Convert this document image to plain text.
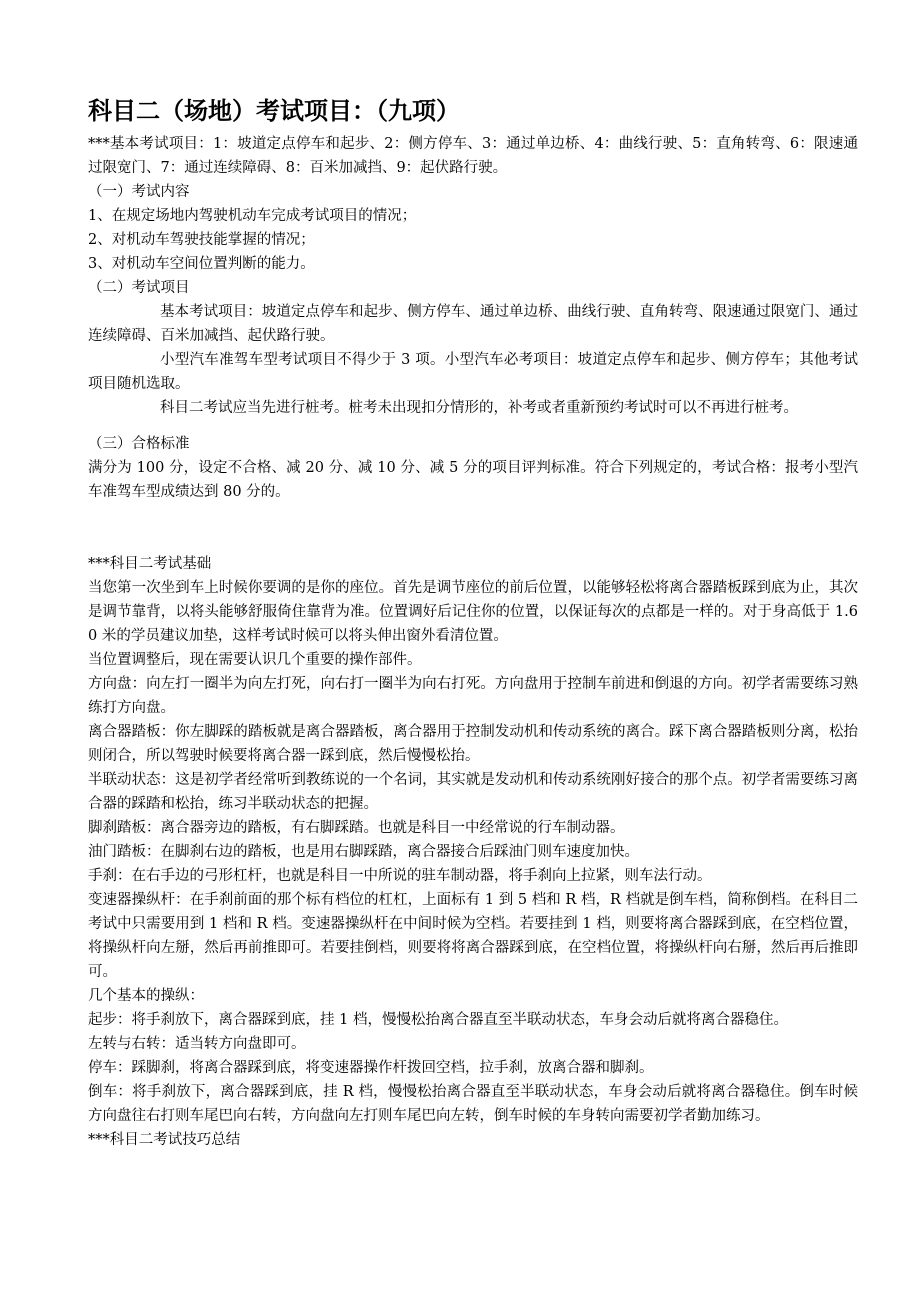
科目二（场地）考试项目：（九项）

***基本考试项目：1：坡道定点停车和起步、2：侧方停车、3：通过单边桥、4：曲线行驶、5：直角转弯、6：限速通过限宽门、7：通过连续障碍、8：百米加减挡、9：起伏路行驶。

（一）考试内容

1、在规定场地内驾驶机动车完成考试项目的情况；

2、对机动车驾驶技能掌握的情况；

3、对机动车空间位置判断的能力。

（二）考试项目

基本考试项目：坡道定点停车和起步、侧方停车、通过单边桥、曲线行驶、直角转弯、限速通过限宽门、通过连续障碍、百米加减挡、起伏路行驶。

小型汽车准驾车型考试项目不得少于 3 项。小型汽车必考项目：坡道定点停车和起步、侧方停车；其他考试项目随机选取。

科目二考试应当先进行桩考。桩考未出现扣分情形的，补考或者重新预约考试时可以不再进行桩考。

（三）合格标准

满分为 100 分，设定不合格、减 20 分、减 10 分、减 5 分的项目评判标准。符合下列规定的，考试合格：报考小型汽车准驾车型成绩达到 80 分的。

***科目二考试基础

当您第一次坐到车上时候你要调的是你的座位。首先是调节座位的前后位置，以能够轻松将离合器踏板踩到底为止，其次是调节靠背，以将头能够舒服倚住靠背为准。位置调好后记住你的位置，以保证每次的点都是一样的。对于身高低于 1.60 米的学员建议加垫，这样考试时候可以将头伸出窗外看清位置。

当位置调整后，现在需要认识几个重要的操作部件。

方向盘：向左打一圈半为向左打死，向右打一圈半为向右打死。方向盘用于控制车前进和倒退的方向。初学者需要练习熟练打方向盘。

离合器踏板：你左脚踩的踏板就是离合器踏板，离合器用于控制发动机和传动系统的离合。踩下离合器踏板则分离，松抬则闭合，所以驾驶时候要将离合器一踩到底，然后慢慢松抬。

半联动状态：这是初学者经常听到教练说的一个名词，其实就是发动机和传动系统刚好接合的那个点。初学者需要练习离合器的踩踏和松抬，练习半联动状态的把握。

脚刹踏板：离合器旁边的踏板，有右脚踩踏。也就是科目一中经常说的行车制动器。

油门踏板：在脚刹右边的踏板，也是用右脚踩踏，离合器接合后踩油门则车速度加快。

手刹：在右手边的弓形杠杆，也就是科目一中所说的驻车制动器，将手刹向上拉紧，则车法行动。

变速器操纵杆：在手刹前面的那个标有档位的杠杠，上面标有 1 到 5 档和 R 档，R 档就是倒车档，简称倒档。在科目二考试中只需要用到 1 档和 R 档。变速器操纵杆在中间时候为空档。若要挂到 1 档，则要将离合器踩到底，在空档位置，将操纵杆向左掰，然后再前推即可。若要挂倒档，则要将将离合器踩到底，在空档位置，将操纵杆向右掰，然后再后推即可。

几个基本的操纵：

起步：将手刹放下，离合器踩到底，挂 1 档，慢慢松抬离合器直至半联动状态，车身会动后就将离合器稳住。

左转与右转：适当转方向盘即可。

停车：踩脚刹，将离合器踩到底，将变速器操作杆拨回空档，拉手刹，放离合器和脚刹。

倒车：将手刹放下，离合器踩到底，挂 R 档，慢慢松抬离合器直至半联动状态，车身会动后就将离合器稳住。倒车时候方向盘往右打则车尾巴向右转，方向盘向左打则车尾巴向左转，倒车时候的车身转向需要初学者勤加练习。

***科目二考试技巧总结
